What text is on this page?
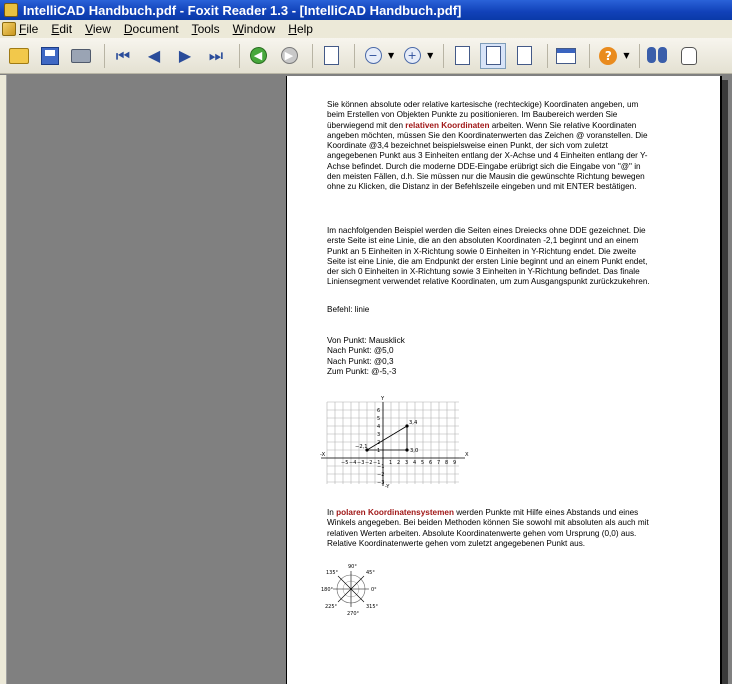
IntelliCAD Handbuch.pdf - Foxit Reader 1.3 - [IntelliCAD Handbuch.pdf]
File Edit View Document Tools Window Help
⏮ ◀ ▶ ⏭	◀	▶	−	▼	+	▼	?	▼
Sie können absolute oder relative kartesische (rechteckige) Koordinaten angeben, um
beim Erstellen von Objekten Punkte zu positionieren. Im Baubereich werden Sie
überwiegend mit den relativen Koordinaten arbeiten. Wenn Sie relative Koordinaten
angeben möchten, müssen Sie den Koordinatenwerten das Zeichen @ voranstellen. Die
Koordinate @3,4 bezeichnet beispielsweise einen Punkt, der sich vom zuletzt
angegebenen Punkt aus 3 Einheiten entlang der X-Achse und 4 Einheiten entlang der Y-
Achse befindet. Durch die moderne DDE-Eingabe erübrigt sich die Eingabe von "@" in
den meisten Fällen, d.h. Sie müssen nur die Mausin die gewünschte Richtung bewegen
ohne zu Klicken, die Distanz in der Befehlszeile eingeben und mit ENTER bestätigen.
Im nachfolgenden Beispiel werden die Seiten eines Dreiecks ohne DDE gezeichnet. Die
erste Seite ist eine Linie, die an den absoluten Koordinaten -2,1 beginnt und an einem
Punkt an 5 Einheiten in X-Richtung sowie 0 Einheiten in Y-Richtung endet. Die zweite
Seite ist eine Linie, die am Endpunkt der ersten Linie beginnt und an einem Punkt endet,
der sich 0 Einheiten in X-Richtung sowie 3 Einheiten in Y-Richtung befindet. Das finale
Liniensegment verwendet relative Koordinaten, um zum Ausgangspunkt zurückzukehren.
Befehl: linie
Von Punkt: Mausklick
Nach Punkt: @5,0
Nach Punkt: @0,3
Zum Punkt: @-5,-3
X
-X
Y
-Y
−2,1
3,4
3,0
−5 −4 −3 −2 −1 1 2 3 4 5 6 7 8 9
6
5
4
3
2
1
−1
−2
−3
In polaren Koordinatensystemen werden Punkte mit Hilfe eines Abstands und eines
Winkels angegeben. Bei beiden Methoden können Sie sowohl mit absoluten als auch mit
relativen Werten arbeiten. Absolute Koordinatenwerte gehen vom Ursprung (0,0) aus.
Relative Koordinatenwerte gehen vom zuletzt angegebenen Punkt aus.
90°
45°
135°
0°
180°
315°
225°
270°
